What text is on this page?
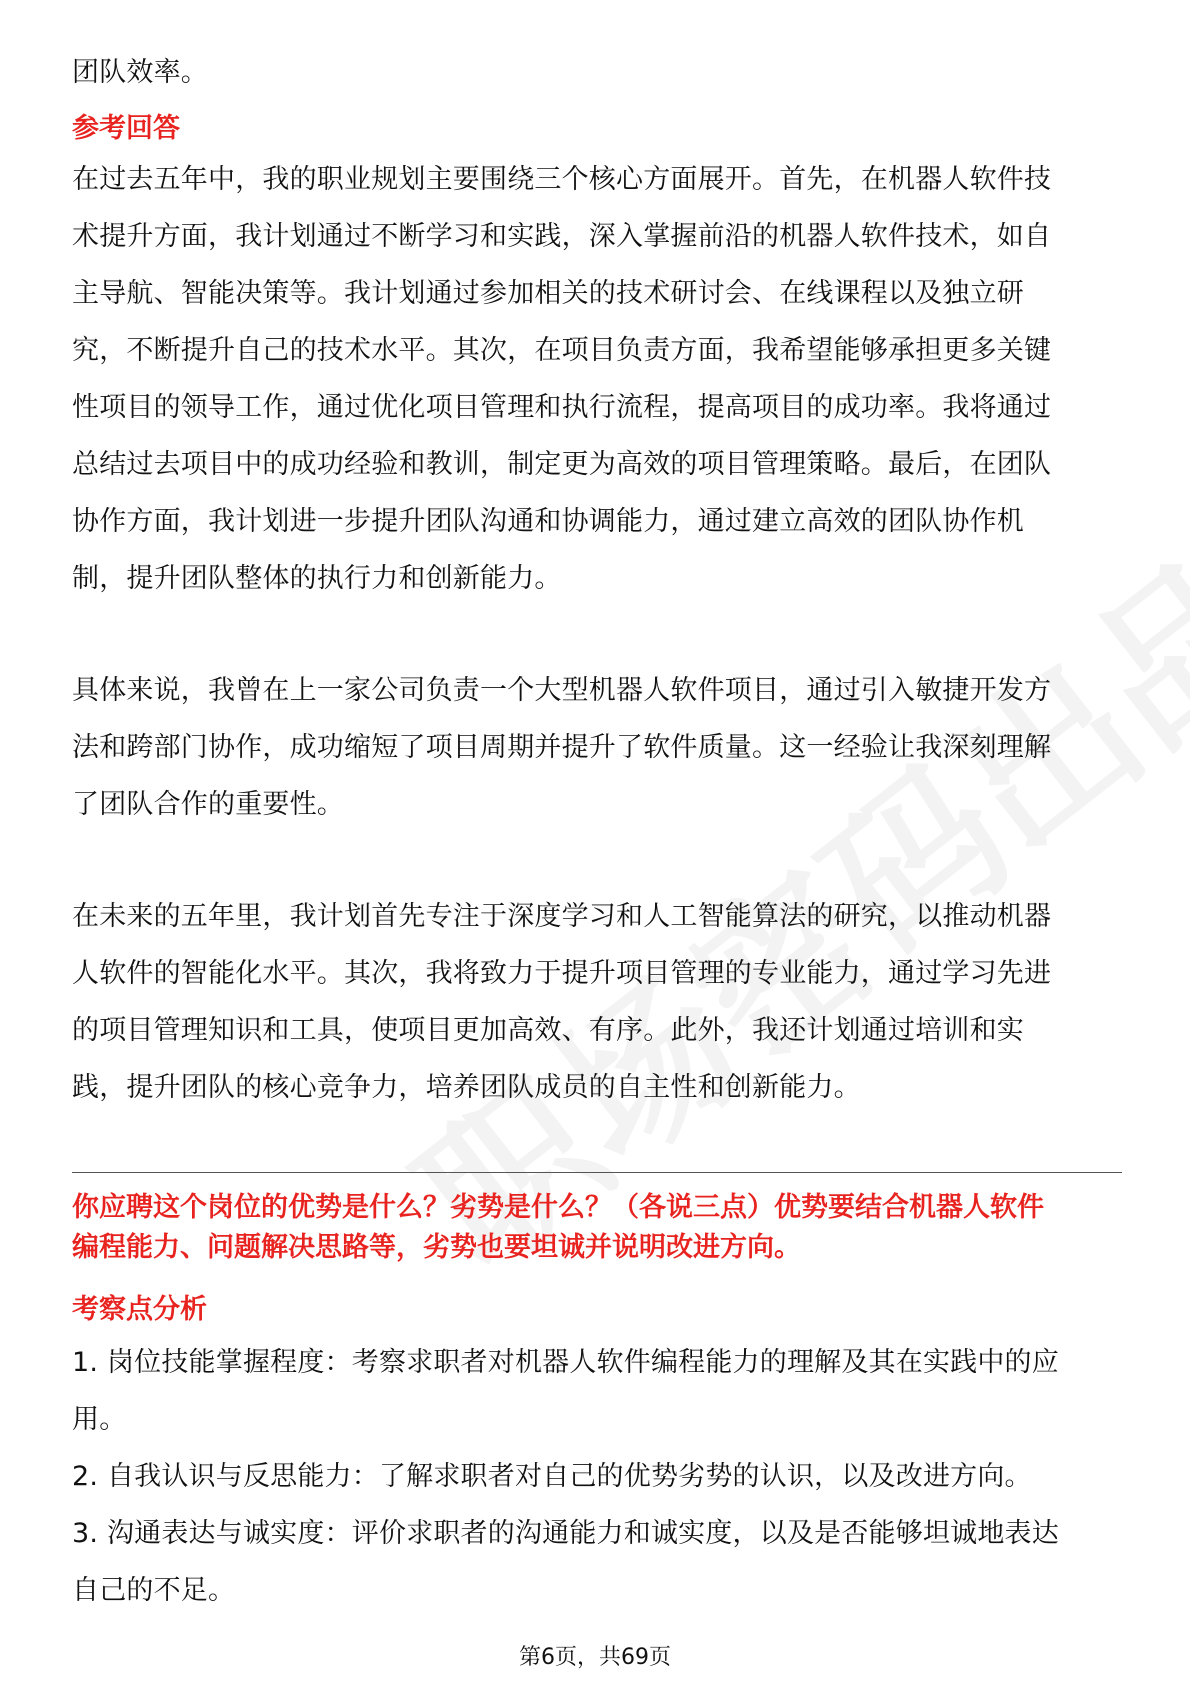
团队效率。

参考回答

在过去五年中，我的职业规划主要围绕三个核心方面展开。首先，在机器人软件技

术提升方面，我计划通过不断学习和实践，深入掌握前沿的机器人软件技术，如自

主导航、智能决策等。我计划通过参加相关的技术研讨会、在线课程以及独立研

究，不断提升自己的技术水平。其次，在项目负责方面，我希望能够承担更多关键

性项目的领导工作，通过优化项目管理和执行流程，提高项目的成功率。我将通过

总结过去项目中的成功经验和教训，制定更为高效的项目管理策略。最后，在团队

协作方面，我计划进一步提升团队沟通和协调能力，通过建立高效的团队协作机

制，提升团队整体的执行力和创新能力。

具体来说，我曾在上一家公司负责一个大型机器人软件项目，通过引入敏捷开发方

法和跨部门协作，成功缩短了项目周期并提升了软件质量。这一经验让我深刻理解

了团队合作的重要性。

在未来的五年里，我计划首先专注于深度学习和人工智能算法的研究，以推动机器

人软件的智能化水平。其次，我将致力于提升项目管理的专业能力，通过学习先进

的项目管理知识和工具，使项目更加高效、有序。此外，我还计划通过培训和实

践，提升团队的核心竞争力，培养团队成员的自主性和创新能力。

你应聘这个岗位的优势是什么？劣势是什么？（各说三点）优势要结合机器人软件

编程能力、问题解决思路等，劣势也要坦诚并说明改进方向。

考察点分析

1. 岗位技能掌握程度：考察求职者对机器人软件编程能力的理解及其在实践中的应

用。

2. 自我认识与反思能力：了解求职者对自己的优势劣势的认识，以及改进方向。

3. 沟通表达与诚实度：评价求职者的沟通能力和诚实度，以及是否能够坦诚地表达

自己的不足。

第6页，共69页
